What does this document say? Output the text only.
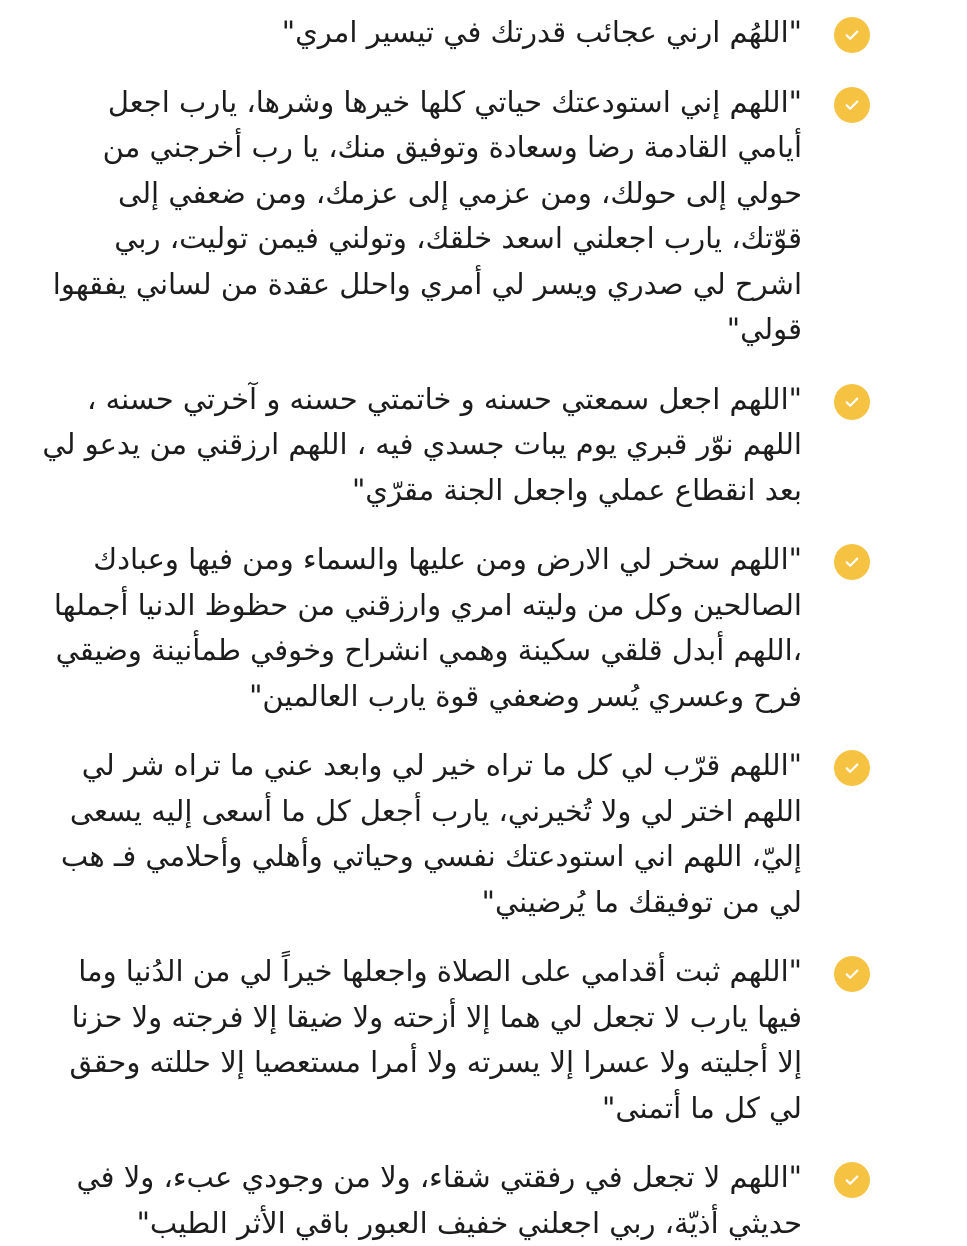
"اللهُم ارني عجائب قدرتك في تيسير امري"

"اللهم إني استودعتك حياتي كلها خيرها وشرها، يارب اجعل أيامي القادمة رضا وسعادة وتوفيق منك، يا رب أخرجني من حولي إلى حولك، ومن عزمي إلى عزمك، ومن ضعفي إلى قوّتك، يارب اجعلني اسعد خلقك، وتولني فيمن توليت، ربي اشرح لي صدري ويسر لي أمري واحلل عقدة من لساني يفقهوا قولي"

"اللهم اجعل سمعتي حسنه و خاتمتي حسنه و آخرتي حسنه ، اللهم نوّر قبري يوم يبات جسدي فيه ، اللهم ارزقني من يدعو لي بعد انقطاع عملي واجعل الجنة مقرّي"

"اللهم سخر لي الارض ومن عليها والسماء ومن فيها وعبادك الصالحين وكل من وليته امري وارزقني من حظوظ الدنيا أجملها ،اللهم أبدل قلقي سكينة وهمي انشراح وخوفي طمأنينة وضيقي فرح وعسري يُسر وضعفي قوة يارب العالمين"

"اللهم قرّب لي كل ما تراه خير لي وابعد عني ما تراه شر لي اللهم اختر لي ولا تُخيرني، يارب أجعل كل ما أسعى إليه يسعى إليّ، اللهم اني استودعتك نفسي وحياتي وأهلي وأحلامي فـ هب لي من توفيقك ما يُرضيني"

"اللهم ثبت أقدامي على الصلاة واجعلها خيراً لي من الدُنيا وما فيها يارب لا تجعل لي هما إلا أزحته ولا ضيقا إلا فرجته ولا حزنا إلا أجليته ولا عسرا إلا يسرته ولا أمرا مستعصيا إلا حللته وحقق لي كل ما أتمنى"

"اللهم لا تجعل في رفقتي شقاء، ولا من وجودي عبء، ولا في حديثي أذيّة، ربي اجعلني خفيف العبور باقي الأثر الطيب"
